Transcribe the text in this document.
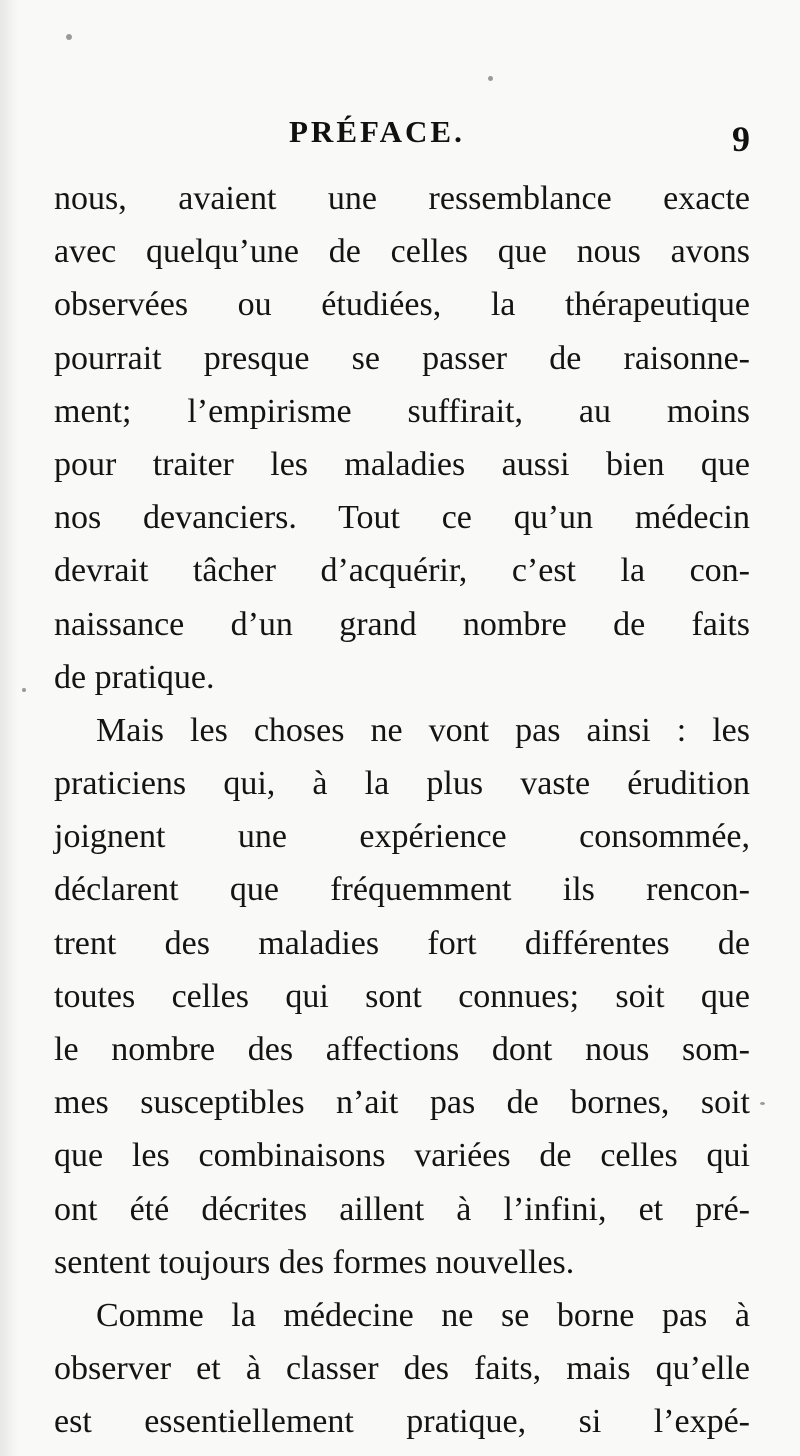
PRÉFACE.	9
nous, avaient une ressemblance exacte
avec quelqu’une de celles que nous avons
observées ou étudiées, la thérapeutique
pourrait presque se passer de raisonne-
ment; l’empirisme suffirait, au moins
pour traiter les maladies aussi bien que
nos devanciers. Tout ce qu’un médecin
devrait tâcher d’acquérir, c’est la con-
naissance d’un grand nombre de faits
de pratique.
Mais les choses ne vont pas ainsi : les
praticiens qui, à la plus vaste érudition
joignent une expérience consommée,
déclarent que fréquemment ils rencon-
trent des maladies fort différentes de
toutes celles qui sont connues; soit que
le nombre des affections dont nous som-
mes susceptibles n’ait pas de bornes, soit
que les combinaisons variées de celles qui
ont été décrites aillent à l’infini, et pré-
sentent toujours des formes nouvelles.
Comme la médecine ne se borne pas à
observer et à classer des faits, mais qu’elle
est essentiellement pratique, si l’expé-
